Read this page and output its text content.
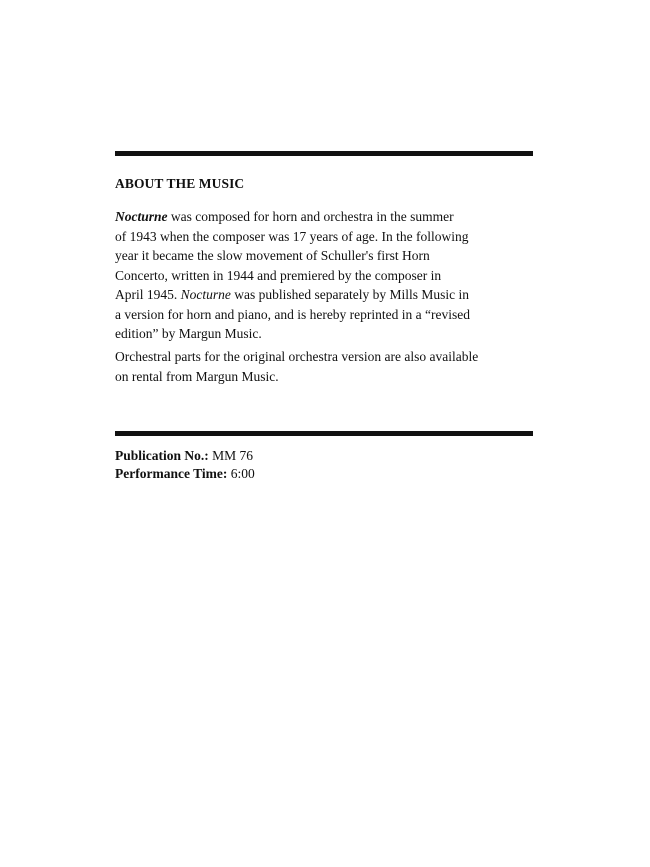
ABOUT THE MUSIC

Nocturne was composed for horn and orchestra in the summer
of 1943 when the composer was 17 years of age. In the following
year it became the slow movement of Schuller's first Horn
Concerto, written in 1944 and premiered by the composer in
April 1945. Nocturne was published separately by Mills Music in
a version for horn and piano, and is hereby reprinted in a “revised
edition” by Margun Music.

Orchestral parts for the original orchestra version are also available
on rental from Margun Music.

Publication No.: MM 76

Performance Time: 6:00
